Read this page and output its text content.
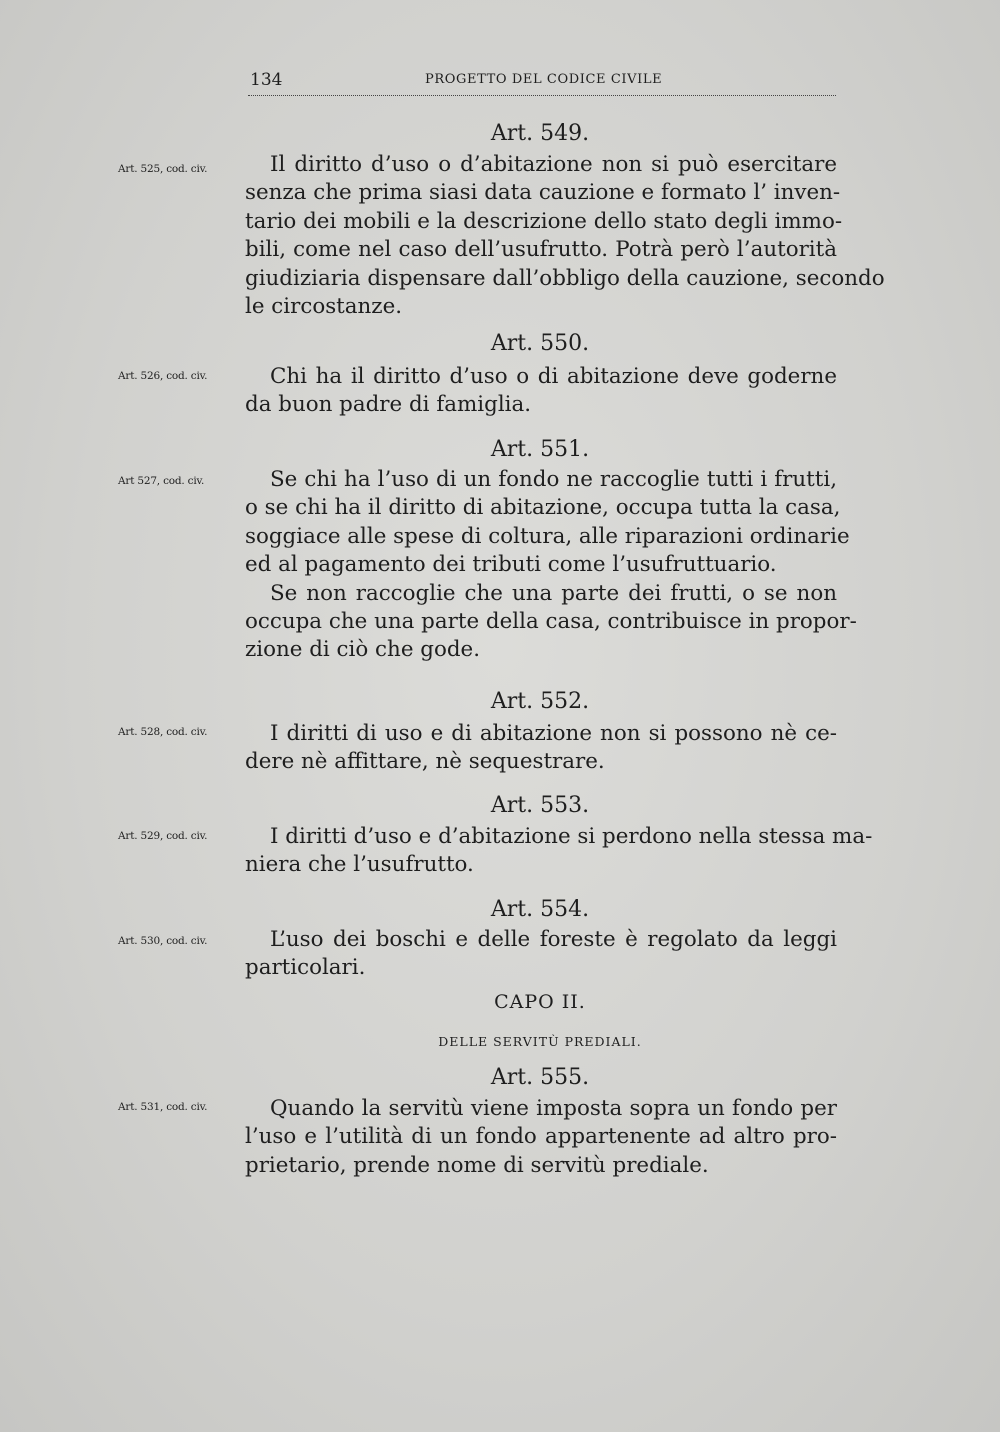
134	PROGETTO DEL CODICE CIVILE
Art. 549.
Art. 525, cod. civ.	Il diritto d’uso o d’abitazione non si può esercitare
senza che prima siasi data cauzione e formato l’ inven-
tario dei mobili e la descrizione dello stato degli immo-
bili, come nel caso dell’usufrutto. Potrà però l’autorità
giudiziaria dispensare dall’obbligo della cauzione, secondo
le circostanze.
Art. 550.
Art. 526, cod. civ.	Chi ha il diritto d’uso o di abitazione deve goderne
da buon padre di famiglia.
Art. 551.
Art 527, cod. civ.	Se chi ha l’uso di un fondo ne raccoglie tutti i frutti,
o se chi ha il diritto di abitazione, occupa tutta la casa,
soggiace alle spese di coltura, alle riparazioni ordinarie
ed al pagamento dei tributi come l’usufruttuario.
Se non raccoglie che una parte dei frutti, o se non
occupa che una parte della casa, contribuisce in propor-
zione di ciò che gode.
Art. 552.
Art. 528, cod. civ.	I diritti di uso e di abitazione non si possono nè ce-
dere nè affittare, nè sequestrare.
Art. 553.
Art. 529, cod. civ.	I diritti d’uso e d’abitazione si perdono nella stessa ma-
niera che l’usufrutto.
Art. 554.
Art. 530, cod. civ.	L’uso dei boschi e delle foreste è regolato da leggi
particolari.
CAPO II.
DELLE SERVITÙ PREDIALI.
Art. 555.
Art. 531, cod. civ.	Quando la servitù viene imposta sopra un fondo per
l’uso e l’utilità di un fondo appartenente ad altro pro-
prietario, prende nome di servitù prediale.
